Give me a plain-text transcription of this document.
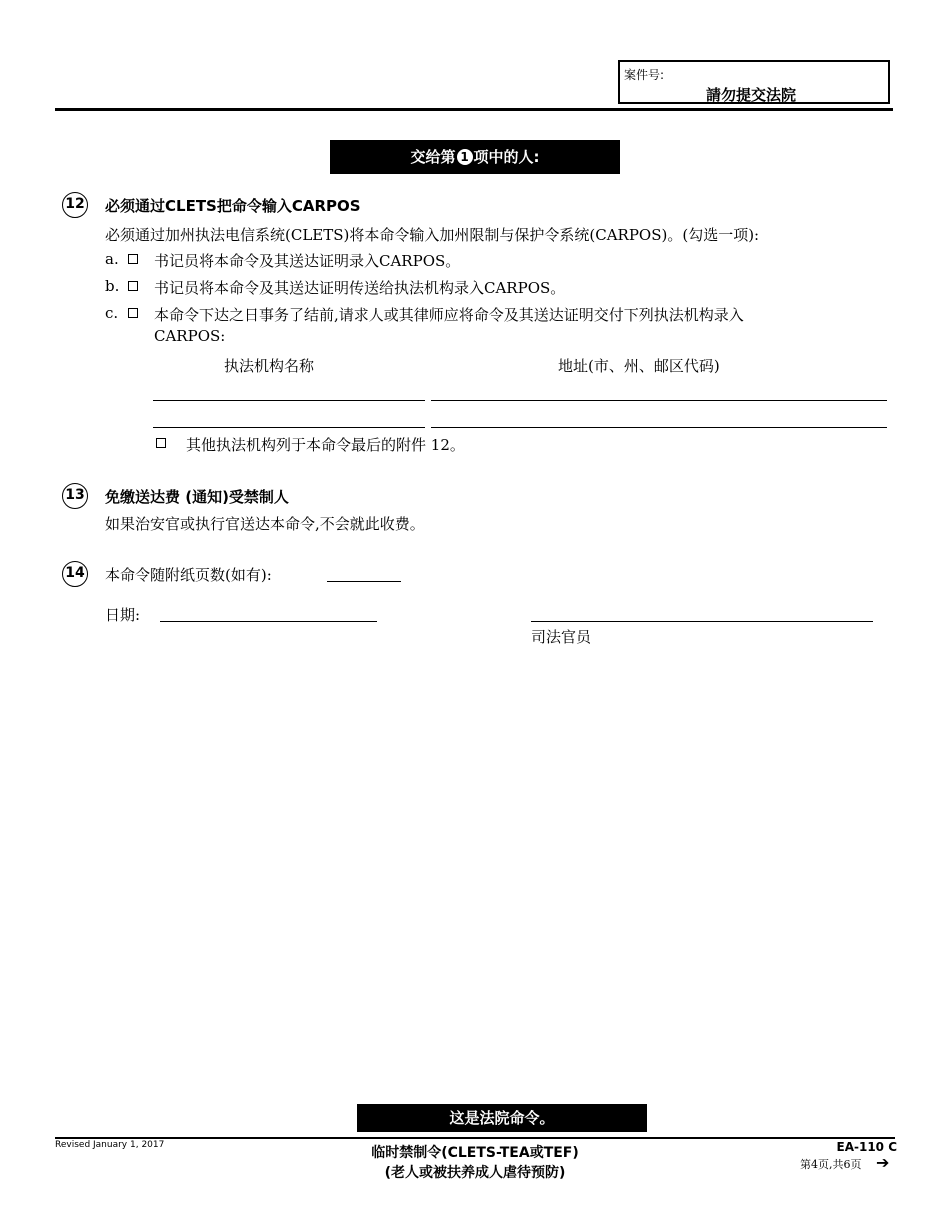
案件号:
請勿提交法院
交给第 1 项中的人:
12 必须通过CLETS把命令输入CARPOS
必须通过加州执法电信系统(CLETS)将本命令输入加州限制与保护令系统(CARPOS)。(勾选一项):
a. 书记员将本命令及其送达证明录入CARPOS。
b. 书记员将本命令及其送达证明传送给执法机构录入CARPOS。
c. 本命令下达之日事务了结前,请求人或其律师应将命令及其送达证明交付下列执法机构录入
CARPOS:
执法机构名称	地址(市、州、邮区代码)
其他执法机构列于本命令最后的附件 12。
13 免缴送达费 (通知)受禁制人
如果治安官或执行官送达本命令,不会就此收费。
14 本命令随附纸页数(如有):
日期:
司法官员
这是法院命令。
Revised January 1, 2017	临时禁制令(CLETS-TEA或TEF)
(老人或被扶养成人虐待预防)
EA-110 C
第4页,共6页 ➔
